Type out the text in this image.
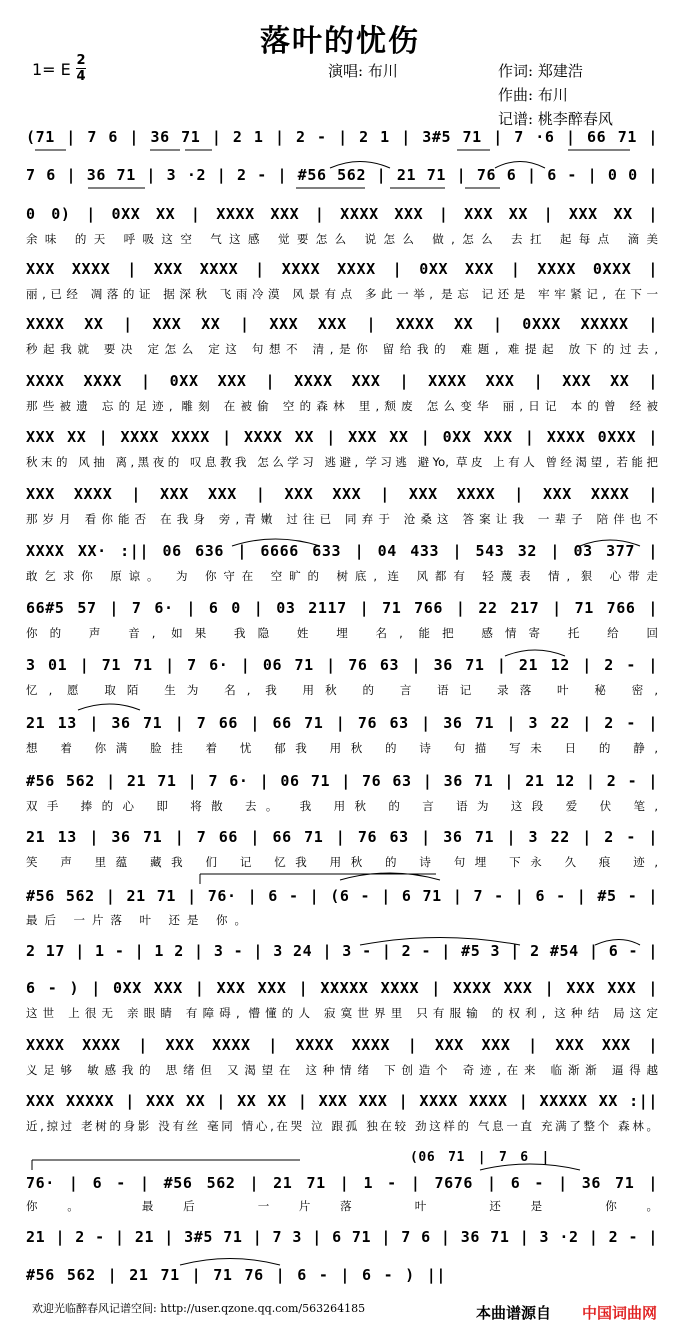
落叶的忧伤
1= E 2
4	演唱: 布川	作词: 郑建浩
作曲: 布川
记谱: 桃李醉春风
(71 | 7 6 | 36 71 | 2 1 | 2 - | 2 1 | 3#5 71 | 7 ·6 | 66 71 |
7 6 | 36 71 | 3 ·2 | 2 - | #56 562 | 21 71 | 76 6 | 6 - | 0 0 |
0 0) | 0XX XX | XXXX XXX | XXXX XXX | XXX XX | XXX XX |
余味 的天 呼吸这空 气这感 觉要怎么 说怎么 做,怎么 去扛 起每点 滴美
XXX XXXX | XXX XXXX | XXXX XXXX | 0XX XXX | XXXX 0XXX |
丽,已经 凋落的证 据深秋 飞雨冷漠 风景有点 多此一举, 是忘 记还是 牢牢紧记, 在下一
XXXX XX | XXX XX | XXX XXX | XXXX XX | 0XXX XXXXX |
秒起我就 要决 定怎么 定这 句想不 清,是你 留给我的 难题, 难提起 放下的过去,
XXXX XXXX | 0XX XXX | XXXX XXX | XXXX XXX | XXX XX |
那些被遗 忘的足迹, 雕刻 在被偷 空的森林 里,颓废 怎么变华 丽,日记 本的曾 经被
XXX XX | XXXX XXXX | XXXX XX | XXX XX | 0XX XXX | XXXX 0XXX |
秋末的 风抽 离,黑夜的 叹息教我 怎么学习 逃避, 学习逃 避Yo, 草皮 上有人 曾经渴望, 若能把
XXX XXXX | XXX XXX | XXX XXX | XXX XXXX | XXX XXXX |
那岁月 看你能否 在我身 旁,青嫩 过往已 同弃于 沧桑这 答案让我 一辈子 陪伴也不
XXXX XX· :|| 06 636 | 6666 633 | 04 433 | 543 32 | 03 377 |
敢乞求你 原谅。 为 你守在 空旷的 树底, 连 风都有 轻蔑表 情, 狠 心带走
66#5 57 | 7 6· | 6 0 | 03 2117 | 71 766 | 22 217 | 71 766 |
你的 声 音, 如果 我隐 姓 埋 名, 能把 感情寄 托 给 回
3 01 | 71 71 | 7 6· | 06 71 | 76 63 | 36 71 | 21 12 | 2 - |
忆, 愿 取陌 生为 名, 我 用秋 的 言 语记 录落 叶 秘 密,
21 13 | 36 71 | 7 66 | 66 71 | 76 63 | 36 71 | 3 22 | 2 - |
想 着 你满 脸挂 着 忧 郁我 用秋 的 诗 句描 写未 日 的 静,
#56 562 | 21 71 | 7 6· | 06 71 | 76 63 | 36 71 | 21 12 | 2 - |
双手 捧的心 即 将散 去。 我 用秋 的 言 语为 这段 爱 伏 笔,
21 13 | 36 71 | 7 66 | 66 71 | 76 63 | 36 71 | 3 22 | 2 - |
笑 声 里蕴 藏我 们 记 忆我 用秋 的 诗 句埋 下永 久 痕 迹,
#56 562 | 21 71 | 76· | 6 - | (6 - | 6 71 | 7 - | 6 - | #5 - |
最后 一片落 叶 还是 你。
2 17 | 1 - | 1 2 | 3 - | 3 24 | 3 - | 2 - | #5 3 | 2 #54 | 6 - |
6 - ) | 0XX XXX | XXX XXX | XXXXX XXXX | XXXX XXX | XXX XXX |
这世 上很无 亲眼睛 有障碍, 懵懂的人 寂寞世界里 只有服输 的权利, 这种结 局这定
XXXX XXXX | XXX XXXX | XXXX XXXX | XXX XXX | XXX XXX |
义足够 敏感我的 思绪但 又渴望在 这种情绪 下创造个 奇迹,在来 临渐渐 逼得越
XXX XXXXX | XXX XX | XX XX | XXX XXX | XXXX XXXX | XXXXX XX :||
近,掠过 老树的身影 没有丝 毫同 情心,在哭 泣 跟孤 独在较 劲这样的 气息一直 充满了整个 森林。
(06 71 | 7 6 |
76· | 6 - | #56 562 | 21 71 | 1 - | 7676 | 6 - | 36 71 |
你。 最后 一片落 叶 还是 你。
21 | 2 - | 21 | 3#5 71 | 7 3 | 6 71 | 7 6 | 36 71 | 3 ·2 | 2 - |
#56 562 | 21 71 | 71 76 | 6 - | 6 - ) ||
欢迎光临醉春风记谱空间: http://user.qzone.qq.com/563264185	本曲谱源自 中国词曲网
